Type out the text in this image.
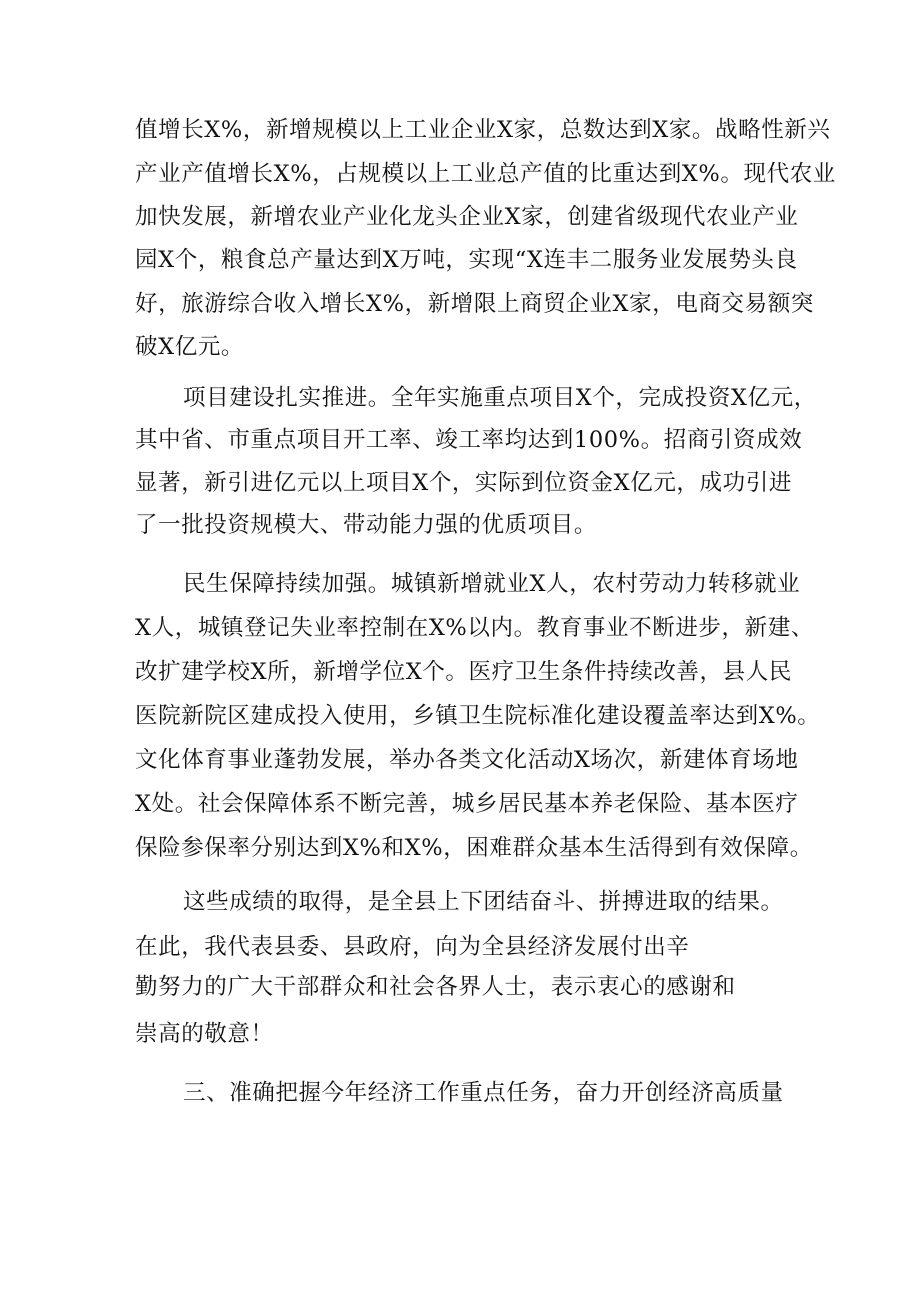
值增长X%，新增规模以上工业企业X家，总数达到X家。战略性新兴
产业产值增长X%，占规模以上工业总产值的比重达到X%。现代农业
加快发展，新增农业产业化龙头企业X家，创建省级现代农业产业
园X个，粮食总产量达到X万吨，实现“X连丰二服务业发展势头良
好，旅游综合收入增长X%，新增限上商贸企业X家，电商交易额突
破X亿元。
项目建设扎实推进。全年实施重点项目X个，完成投资X亿元，
其中省、市重点项目开工率、竣工率均达到100%。招商引资成效
显著，新引进亿元以上项目X个，实际到位资金X亿元，成功引进
了一批投资规模大、带动能力强的优质项目。
民生保障持续加强。城镇新增就业X人，农村劳动力转移就业
X人，城镇登记失业率控制在X%以内。教育事业不断进步，新建、
改扩建学校X所，新增学位X个。医疗卫生条件持续改善，县人民
医院新院区建成投入使用，乡镇卫生院标准化建设覆盖率达到X%。
文化体育事业蓬勃发展，举办各类文化活动X场次，新建体育场地
X处。社会保障体系不断完善，城乡居民基本养老保险、基本医疗
保险参保率分别达到X%和X%，困难群众基本生活得到有效保障。
这些成绩的取得，是全县上下团结奋斗、拼搏进取的结果。
在此，我代表县委、县政府，向为全县经济发展付出辛
勤努力的广大干部群众和社会各界人士，表示衷心的感谢和
崇高的敬意！
三、准确把握今年经济工作重点任务，奋力开创经济高质量
